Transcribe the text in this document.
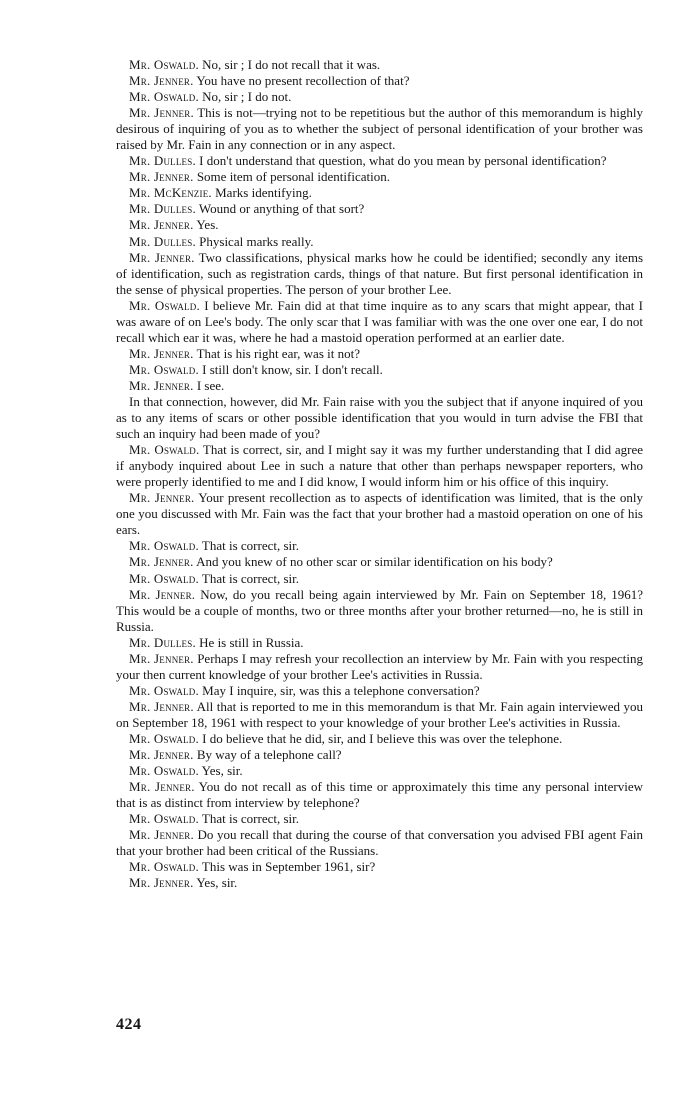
Mr. Oswald. No, sir ; I do not recall that it was.

Mr. Jenner. You have no present recollection of that?

Mr. Oswald. No, sir ; I do not.

Mr. Jenner. This is not—trying not to be repetitious but the author of this memorandum is highly desirous of inquiring of you as to whether the subject of personal identification of your brother was raised by Mr. Fain in any connection or in any aspect.

Mr. Dulles. I don't understand that question, what do you mean by personal identification?

Mr. Jenner. Some item of personal identification.

Mr. McKenzie. Marks identifying.

Mr. Dulles. Wound or anything of that sort?

Mr. Jenner. Yes.

Mr. Dulles. Physical marks really.

Mr. Jenner. Two classifications, physical marks how he could be identified; secondly any items of identification, such as registration cards, things of that nature. But first personal identification in the sense of physical properties. The person of your brother Lee.

Mr. Oswald. I believe Mr. Fain did at that time inquire as to any scars that might appear, that I was aware of on Lee's body. The only scar that I was familiar with was the one over one ear, I do not recall which ear it was, where he had a mastoid operation performed at an earlier date.

Mr. Jenner. That is his right ear, was it not?

Mr. Oswald. I still don't know, sir. I don't recall.

Mr. Jenner. I see.

In that connection, however, did Mr. Fain raise with you the subject that if anyone inquired of you as to any items of scars or other possible identification that you would in turn advise the FBI that such an inquiry had been made of you?

Mr. Oswald. That is correct, sir, and I might say it was my further understanding that I did agree if anybody inquired about Lee in such a nature that other than perhaps newspaper reporters, who were properly identified to me and I did know, I would inform him or his office of this inquiry.

Mr. Jenner. Your present recollection as to aspects of identification was limited, that is the only one you discussed with Mr. Fain was the fact that your brother had a mastoid operation on one of his ears.

Mr. Oswald. That is correct, sir.

Mr. Jenner. And you knew of no other scar or similar identification on his body?

Mr. Oswald. That is correct, sir.

Mr. Jenner. Now, do you recall being again interviewed by Mr. Fain on September 18, 1961? This would be a couple of months, two or three months after your brother returned—no, he is still in Russia.

Mr. Dulles. He is still in Russia.

Mr. Jenner. Perhaps I may refresh your recollection an interview by Mr. Fain with you respecting your then current knowledge of your brother Lee's activities in Russia.

Mr. Oswald. May I inquire, sir, was this a telephone conversation?

Mr. Jenner. All that is reported to me in this memorandum is that Mr. Fain again interviewed you on September 18, 1961 with respect to your knowledge of your brother Lee's activities in Russia.

Mr. Oswald. I do believe that he did, sir, and I believe this was over the telephone.

Mr. Jenner. By way of a telephone call?

Mr. Oswald. Yes, sir.

Mr. Jenner. You do not recall as of this time or approximately this time any personal interview that is as distinct from interview by telephone?

Mr. Oswald. That is correct, sir.

Mr. Jenner. Do you recall that during the course of that conversation you advised FBI agent Fain that your brother had been critical of the Russians.

Mr. Oswald. This was in September 1961, sir?

Mr. Jenner. Yes, sir.

424
